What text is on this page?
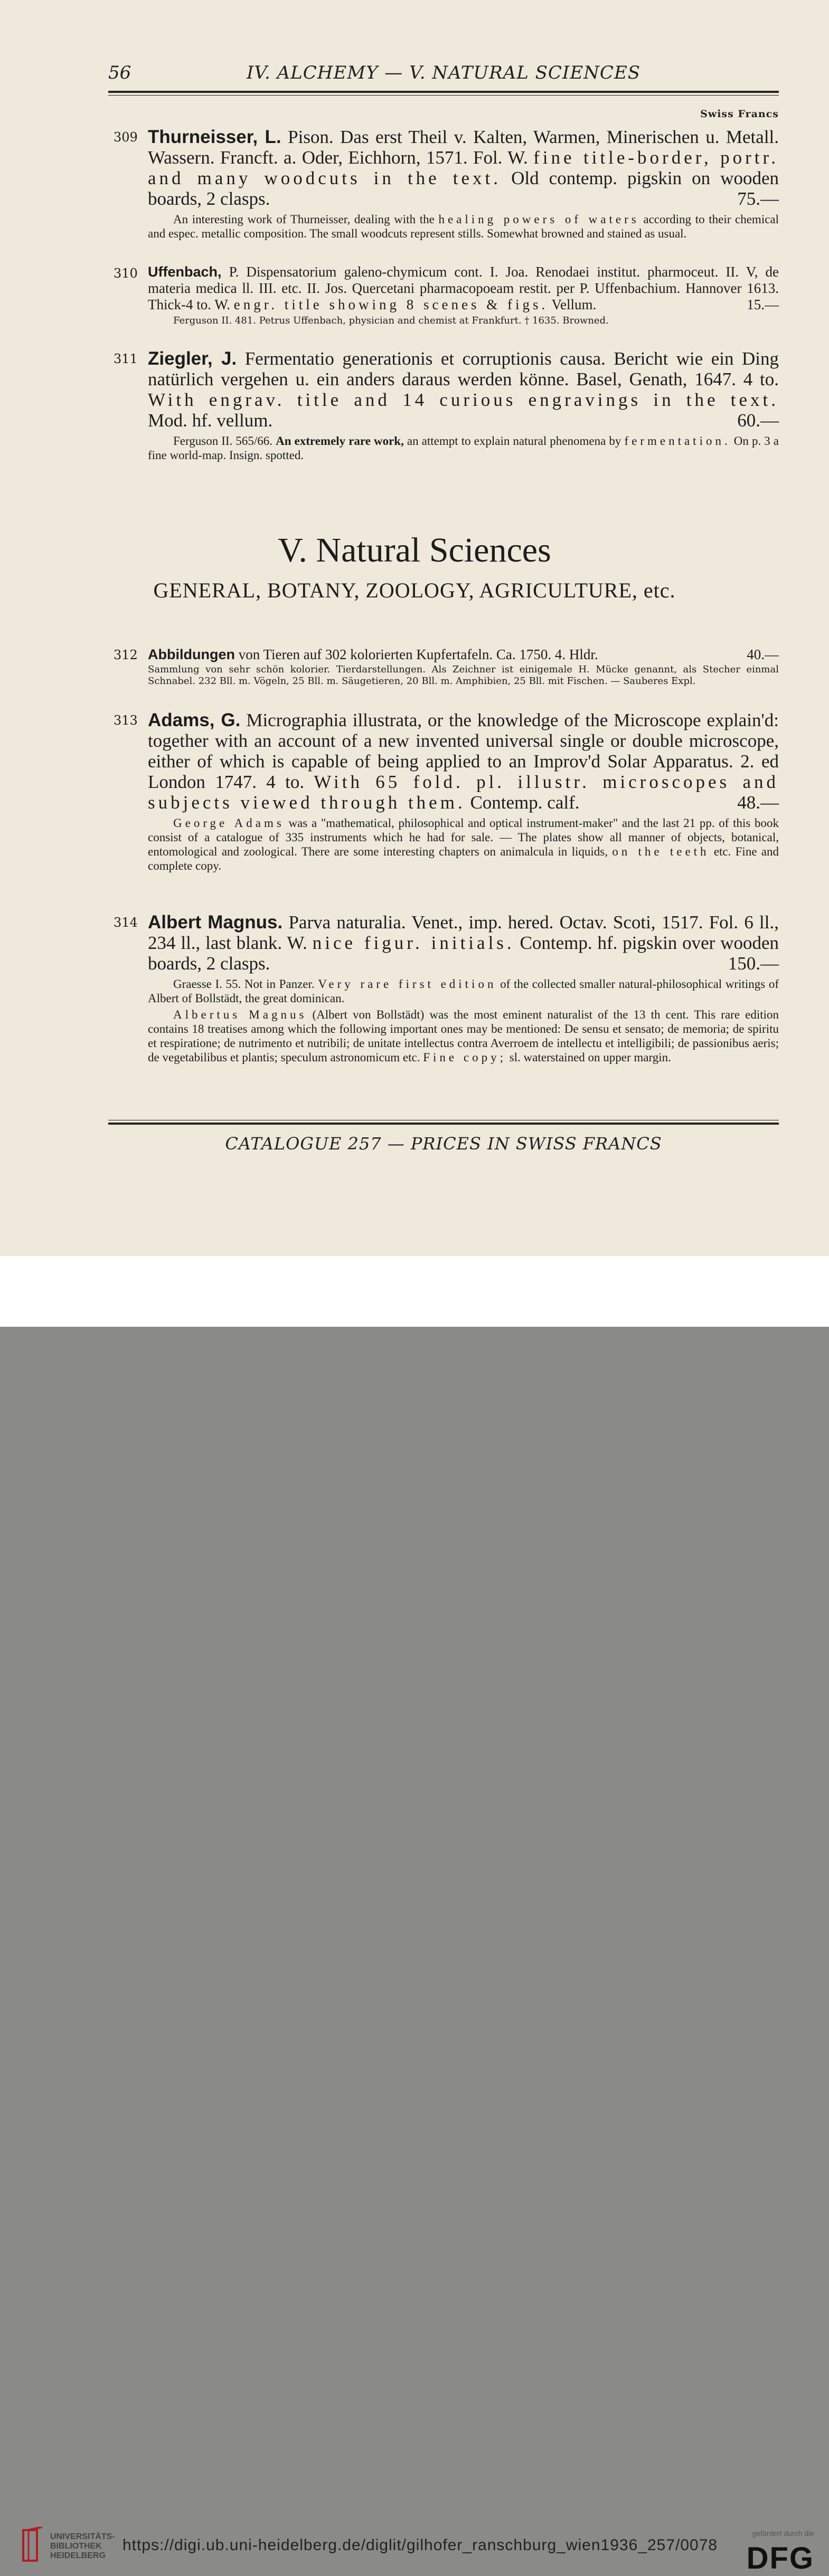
56	IV. ALCHEMY — V. NATURAL SCIENCES
Swiss Francs
309 Thurneisser, L. Pison. Das erst Theil v. Kalten, Warmen, Minerischen u. Metall. Wassern. Francft. a. Oder, Eichhorn, 1571. Fol. W. fine title-border, portr. and many woodcuts in the text. Old contemp. pigskin on wooden boards, 2 clasps.	75.—
An interesting work of Thurneisser, dealing with the healing powers of waters according to their chemical and espec. metallic composition. The small woodcuts represent stills. Somewhat browned and stained as usual.
310 Uffenbach, P. Dispensatorium galeno-chymicum cont. I. Joa. Renodaei institut. pharmoceut. II. V, de materia medica ll. III. etc. II. Jos. Quercetani pharmacopoeam restit. per P. Uffenbachium. Hannover 1613. Thick-4 to. W. engr. title showing 8 scenes & figs. Vellum.	15.—
Ferguson II. 481. Petrus Uffenbach, physician and chemist at Frankfurt. † 1635. Browned.
311 Ziegler, J. Fermentatio generationis et corruptionis causa. Bericht wie ein Ding natürlich vergehen u. ein anders daraus werden könne. Basel, Genath, 1647. 4 to. With engrav. title and 14 curious engravings in the text. Mod. hf. vellum.	60.—
Ferguson II. 565/66. An extremely rare work, an attempt to explain natural phenomena by fermentation. On p. 3 a fine world-map. Insign. spotted.
V. Natural Sciences
GENERAL, BOTANY, ZOOLOGY, AGRICULTURE, etc.
312 Abbildungen von Tieren auf 302 kolorierten Kupfertafeln. Ca. 1750. 4. Hldr.	40.—
Sammlung von sehr schön kolorier. Tierdarstellungen. Als Zeichner ist einigemale H. Mücke genannt, als Stecher einmal Schnabel. 232 Bll. m. Vögeln, 25 Bll. m. Säugetieren, 20 Bll. m. Amphibien, 25 Bll. mit Fischen. — Sauberes Expl.
313 Adams, G. Micrographia illustrata, or the knowledge of the Microscope explain'd: together with an account of a new invented universal single or double microscope, either of which is capable of being applied to an Improv'd Solar Apparatus. 2. ed London 1747. 4 to. With 65 fold. pl. illustr. microscopes and subjects viewed through them. Contemp. calf.	48.—
George Adams was a "mathematical, philosophical and optical instrument-maker" and the last 21 pp. of this book consist of a catalogue of 335 instruments which he had for sale. — The plates show all manner of objects, botanical, entomological and zoological. There are some interesting chapters on animalcula in liquids, on the teeth etc. Fine and complete copy.
314 Albert Magnus. Parva naturalia. Venet., imp. hered. Octav. Scoti, 1517. Fol. 6 ll., 234 ll., last blank. W. nice figur. initials. Contemp. hf. pigskin over wooden boards, 2 clasps.	150.—
Graesse I. 55. Not in Panzer. Very rare first edition of the collected smaller natural-philosophical writings of Albert of Bollstädt, the great dominican.
Albertus Magnus (Albert von Bollstädt) was the most eminent naturalist of the 13 th cent. This rare edition contains 18 treatises among which the following important ones may be mentioned: De sensu et sensato; de memoria; de spiritu et respiratione; de nutrimento et nutribili; de unitate intellectus contra Averroem de intellectu et intelligibili; de passionibus aeris; de vegetabilibus et plantis; speculum astronomicum etc. Fine copy; sl. waterstained on upper margin.
CATALOGUE 257 — PRICES IN SWISS FRANCS
UNIVERSITÄTS-
BIBLIOTHEK
HEIDELBERG
https://digi.ub.uni-heidelberg.de/diglit/gilhofer_ranschburg_wien1936_257/0078
gefördert durch die
DFG
